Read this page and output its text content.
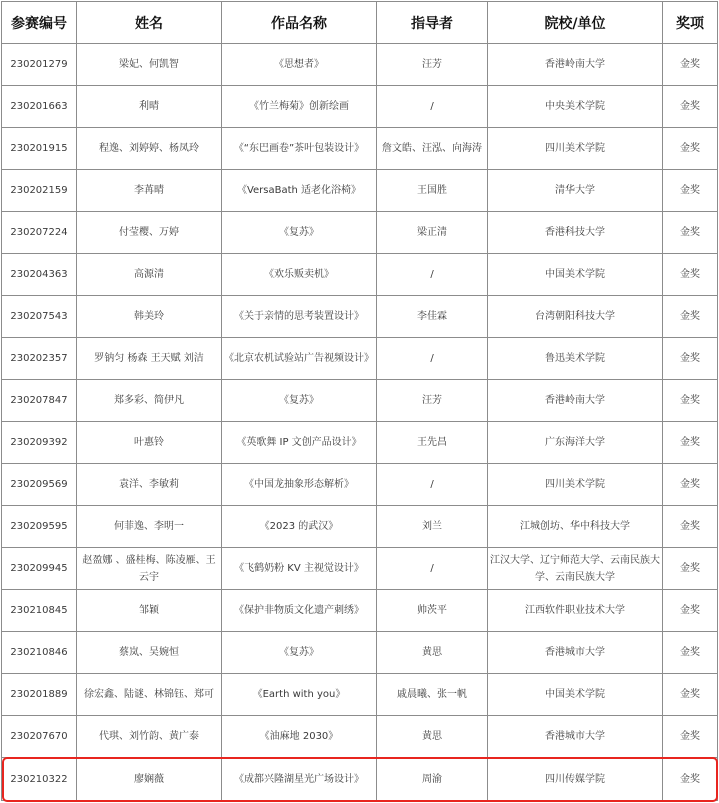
参赛编号	姓名	作品名称	指导者	院校/单位	奖项
230201279	梁妃、何凯智	《思想者》	汪芳	香港岭南大学	金奖
230201663	利晴	《竹兰梅菊》创新绘画	/	中央美术学院	金奖
230201915	程逸、刘婷婷、杨凤玲	《“东巴画卷”茶叶包装设计》	詹文皓、汪泓、向海涛	四川美术学院	金奖
230202159	李苒晴	《VersaBath 适老化浴椅》	王国胜	清华大学	金奖
230207224	付莹樱、万婷	《复苏》	梁正清	香港科技大学	金奖
230204363	高源清	《欢乐贩卖机》	/	中国美术学院	金奖
230207543	韩美玲	《关于亲情的思考装置设计》	李佳霖	台湾朝阳科技大学	金奖
230202357	罗钠匀 杨森 王天赋 刘洁	《北京农机试验站广告视频设计》	/	鲁迅美术学院	金奖
230207847	郑多彩、简伊凡	《复苏》	汪芳	香港岭南大学	金奖
230209392	叶惠铃	《英歌舞 IP 文创产品设计》	王先昌	广东海洋大学	金奖
230209569	袁洋、李敏莉	《中国龙抽象形态解析》	/	四川美术学院	金奖
230209595	何菲逸、李明一	《2023 的武汉》	刘兰	江城创坊、华中科技大学	金奖
230209945	赵盈娜 、盛桂梅、陈凌雁、王云宇	《飞鹤奶粉 KV 主视觉设计》	/	江汉大学、辽宁师范大学、云南民族大学、云南民族大学	金奖
230210845	邹颖	《保护非物质文化遗产刺绣》	帅茨平	江西软件职业技术大学	金奖
230210846	蔡岚、吴婉恒	《复苏》	黄思	香港城市大学	金奖
230201889	徐宏鑫、陆谜、林锦钰、郑可	《Earth with you》	戚晨曦、张一帆	中国美术学院	金奖
230207670	代琪、刘竹韵、黄广泰	《油麻地 2030》	黄思	香港城市大学	金奖
230210322	廖娴薇	《成都兴隆湖星光广场设计》	周渝	四川传媒学院	金奖
